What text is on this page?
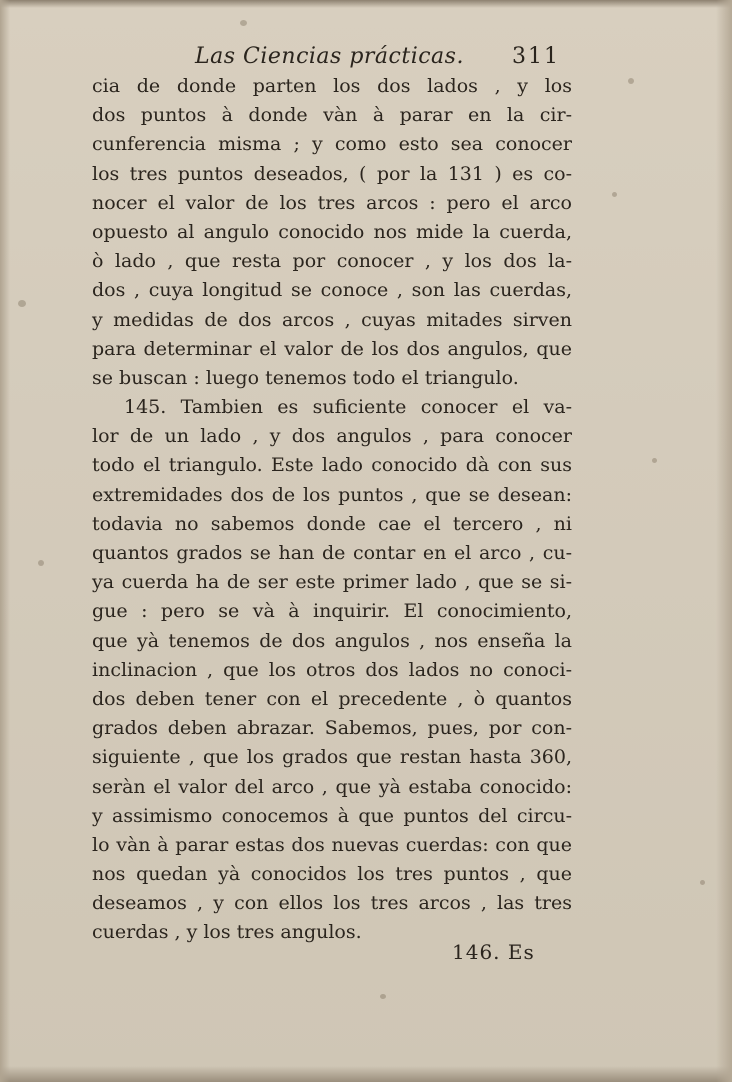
Las Ciencias prácticas. 311
cia de donde parten los dos lados , y los
dos puntos à donde vàn à parar en la cir-
cunferencia misma ; y como esto sea conocer
los tres puntos deseados, ( por la 131 ) es co-
nocer el valor de los tres arcos : pero el arco
opuesto al angulo conocido nos mide la cuerda,
ò lado , que resta por conocer , y los dos la-
dos , cuya longitud se conoce , son las cuerdas,
y medidas de dos arcos , cuyas mitades sirven
para determinar el valor de los dos angulos, que
se buscan : luego tenemos todo el triangulo.
145. Tambien es suficiente conocer el va-
lor de un lado , y dos angulos , para conocer
todo el triangulo. Este lado conocido dà con sus
extremidades dos de los puntos , que se desean:
todavia no sabemos donde cae el tercero , ni
quantos grados se han de contar en el arco , cu-
ya cuerda ha de ser este primer lado , que se si-
gue : pero se và à inquirir. El conocimiento,
que yà tenemos de dos angulos , nos enseña la
inclinacion , que los otros dos lados no conoci-
dos deben tener con el precedente , ò quantos
grados deben abrazar. Sabemos, pues, por con-
siguiente , que los grados que restan hasta 360,
seràn el valor del arco , que yà estaba conocido:
y assimismo conocemos à que puntos del circu-
lo vàn à parar estas dos nuevas cuerdas: con que
nos quedan yà conocidos los tres puntos , que
deseamos , y con ellos los tres arcos , las tres
cuerdas , y los tres angulos.
146. Es
